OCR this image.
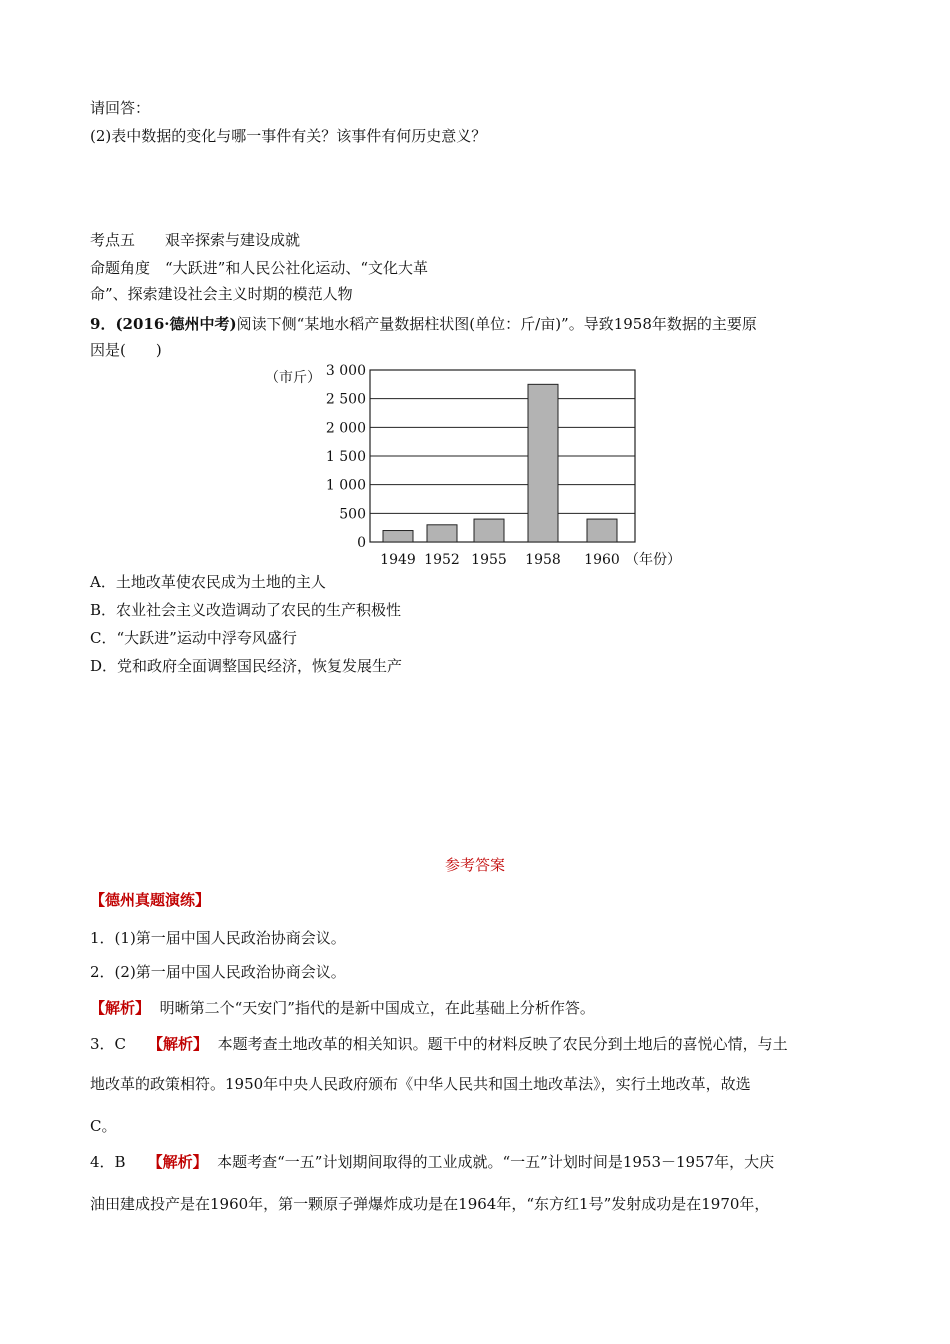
请回答：
(2)表中数据的变化与哪一事件有关？该事件有何历史意义？
考点五　　艰辛探索与建设成就
命题角度　“大跃进”和人民公社化运动、“文化大革
命”、探索建设社会主义时期的模范人物
9．(2016·德州中考)阅读下侧“某地水稻产量数据柱状图(单位：斤/亩)”。导致1958年数据的主要原
因是(　　)
3 000
2 500
2 000
1 500
1 000
500
0
（市斤）
1949 1952 1955 1958 1960 （年份）
A．土地改革使农民成为土地的主人
B．农业社会主义改造调动了农民的生产积极性
C．“大跃进”运动中浮夸风盛行
D．党和政府全面调整国民经济，恢复发展生产
参考答案
【德州真题演练】
1．(1)第一届中国人民政治协商会议。
2．(2)第一届中国人民政治协商会议。
【解析】 明晰第二个“天安门”指代的是新中国成立，在此基础上分析作答。
3．C 【解析】 本题考查土地改革的相关知识。题干中的材料反映了农民分到土地后的喜悦心情，与土
地改革的政策相符。1950年中央人民政府颁布《中华人民共和国土地改革法》，实行土地改革，故选
C。
4．B 【解析】 本题考查“一五”计划期间取得的工业成就。“一五”计划时间是1953－1957年，大庆
油田建成投产是在1960年，第一颗原子弹爆炸成功是在1964年，“东方红1号”发射成功是在1970年，
